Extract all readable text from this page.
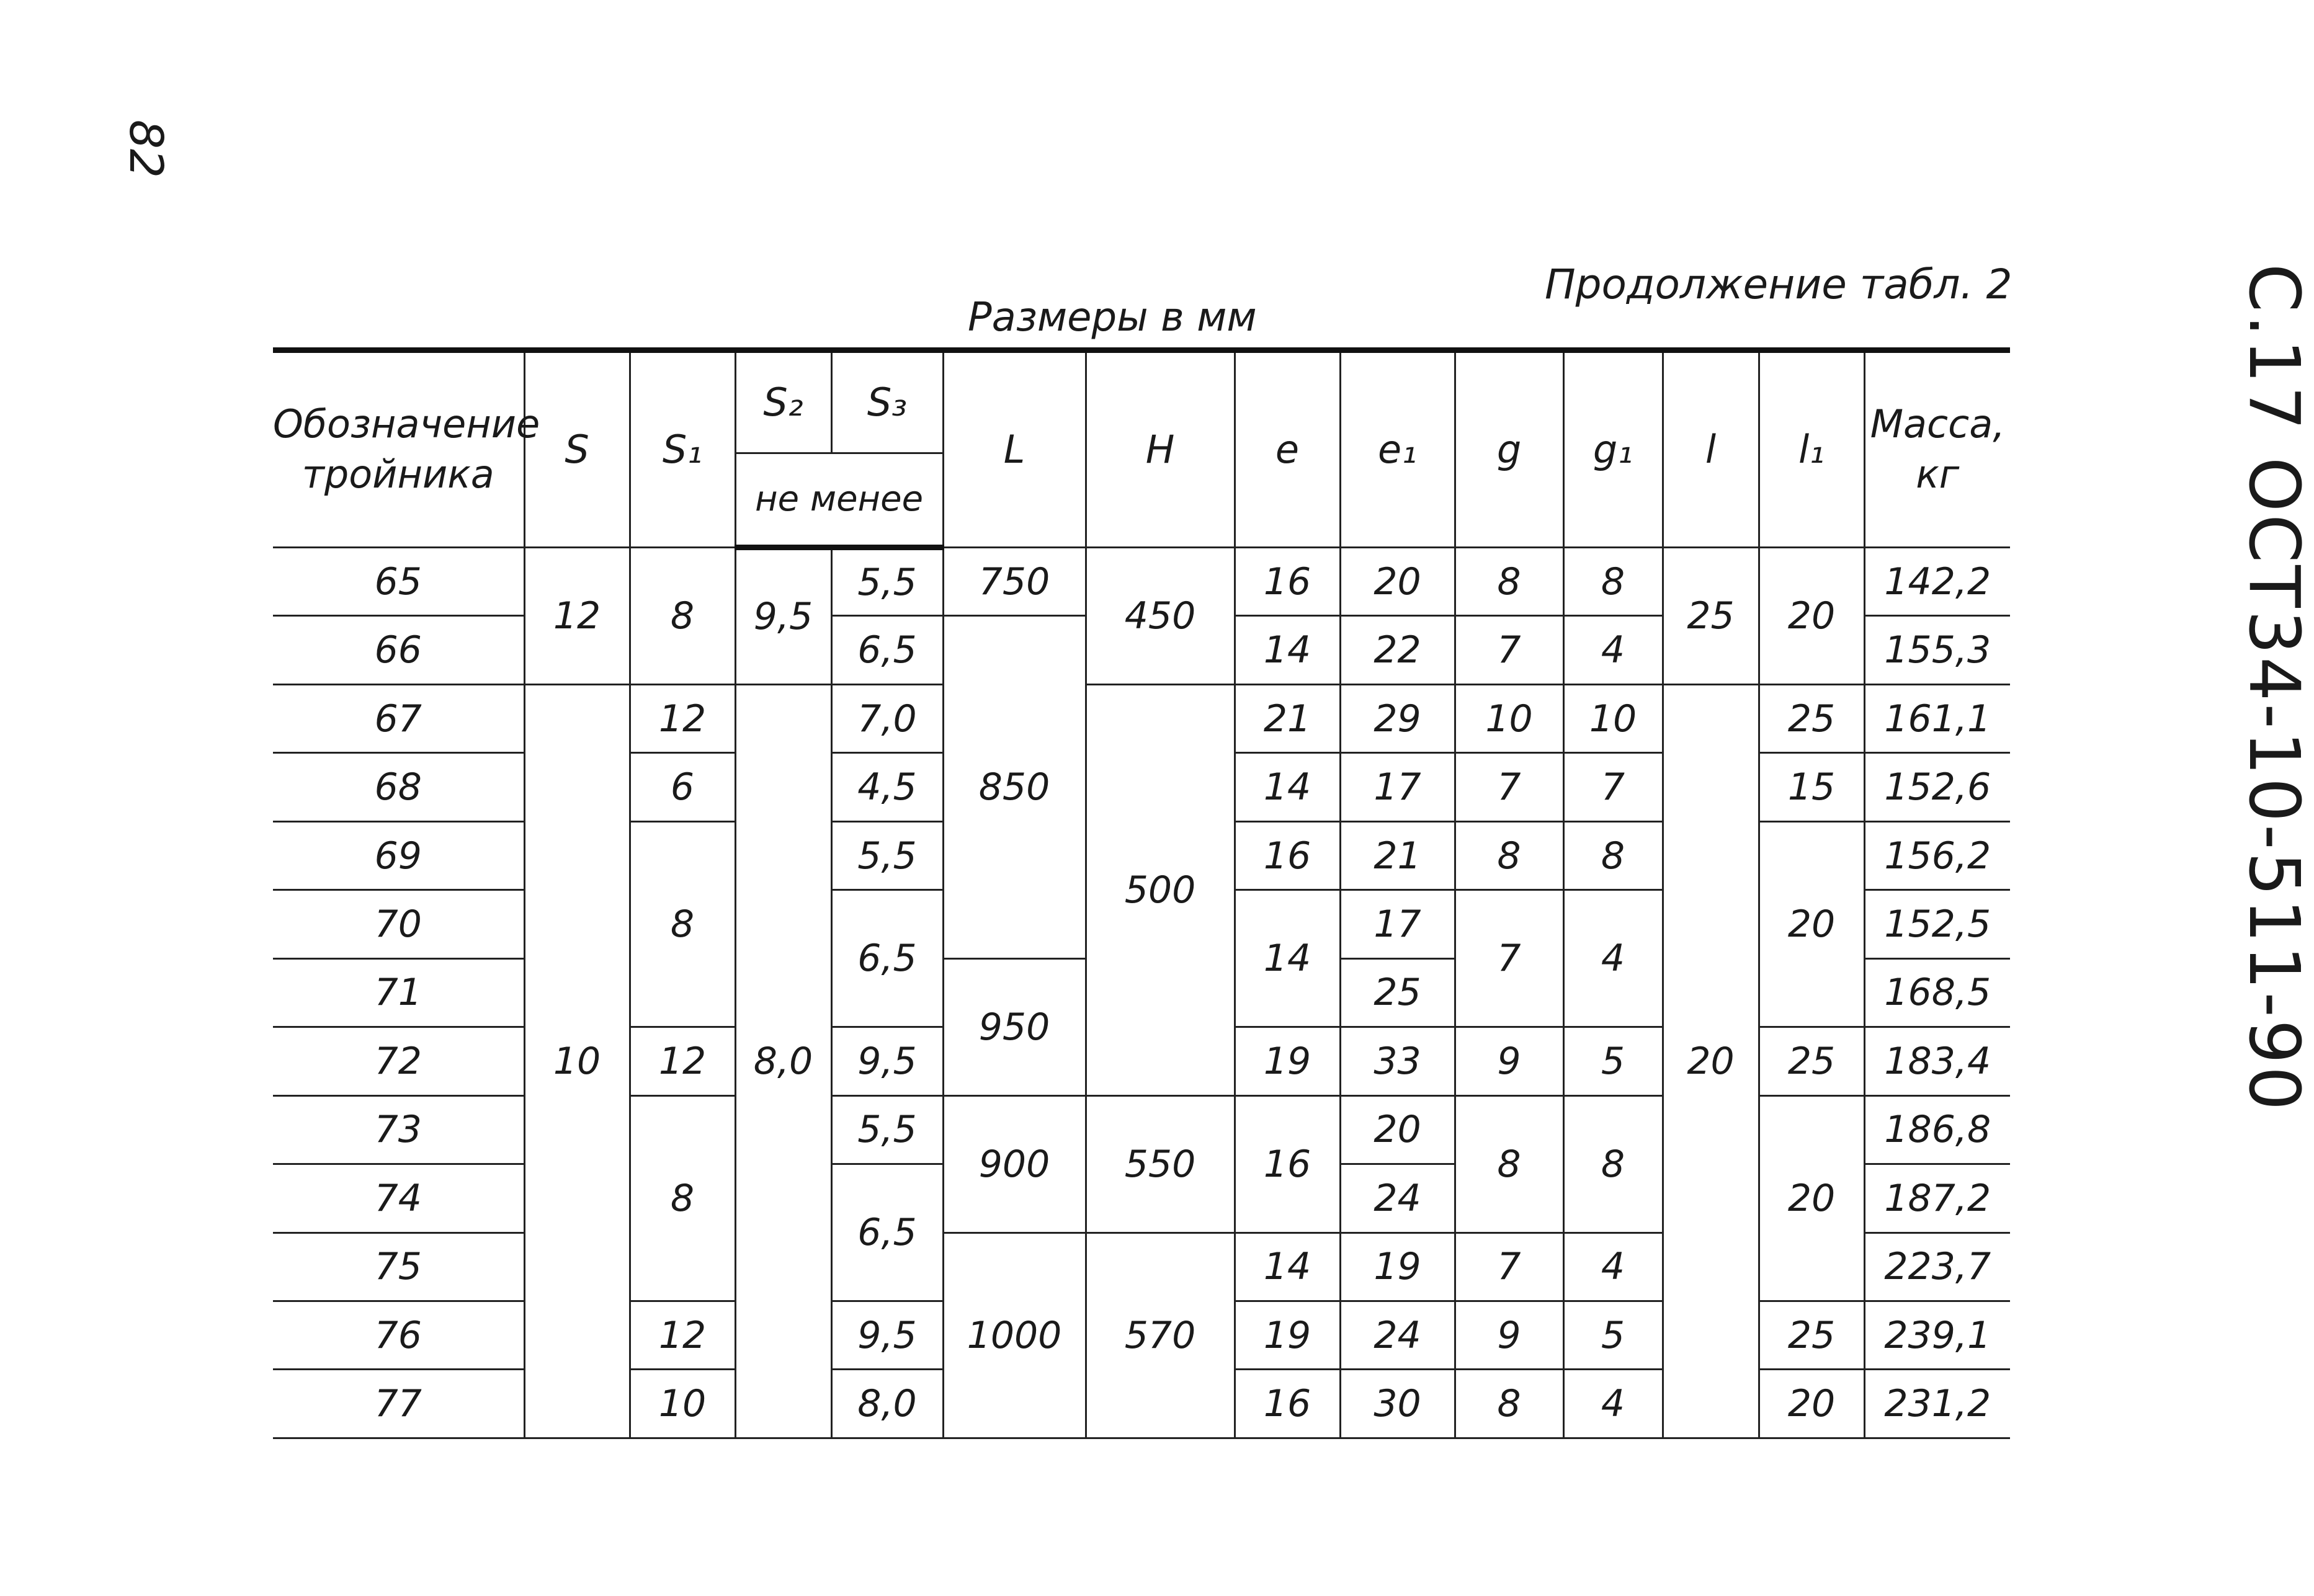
82
С.17 ОСТ34-10-511-90
Продолжение табл. 2
Размеры в мм
Обозначение тройника	S	S₁	S₂	S₃	L	H	e	e₁	g	g₁	l	l₁	Масса, кг
			не менее										
65	12	8	9,5	5,5	750	450	16	20	8	8	25	20	142,2
66				6,5	850		14	22	7	4			155,3
67	10	12	8,0	7,0		500	21	29	10	10	20	25	161,1
68		6		4,5			14	17	7	7		15	152,6
69		8		5,5			16	21	8	8		20	156,2
70				6,5			14	17	7	4			152,5
71					950			25					168,5
72		12		9,5			19	33	9	5		25	183,4
73		8		5,5	900	550	16	20	8	8		20	186,8
74				6,5				24					187,2
75					1000	570	14	19	7	4			223,7
76		12		9,5			19	24	9	5		25	239,1
77		10		8,0			16	30	8	4		20	231,2
